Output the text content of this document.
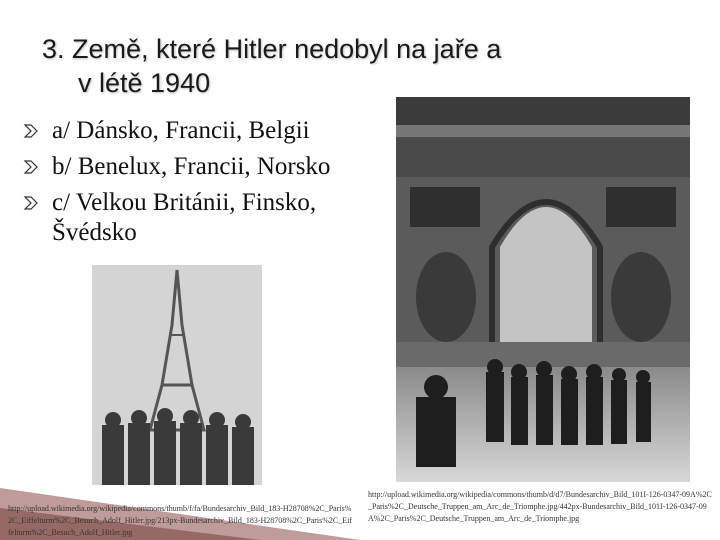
3. Země, které Hitler nedobyl na jaře a
v létě 1940
a/ Dánsko, Francii, Belgii
b/ Benelux, Francii, Norsko
c/ Velkou Británii, Finsko, Švédsko
http://upload.wikimedia.org/wikipedia/commons/thumb/f/fa/Bundesarchiv_Bild_183-H28708%2C_Paris%2C_Eiffelturm%2C_Besuch_Adolf_Hitler.jpg/213px-Bundesarchiv_Bild_183-H28708%2C_Paris%2C_Eiffelturm%2C_Besuch_Adolf_Hitler.jpg
http://upload.wikimedia.org/wikipedia/commons/thumb/d/d7/Bundesarchiv_Bild_101I-126-0347-09A%2C_Paris%2C_Deutsche_Truppen_am_Arc_de_Triomphe.jpg/442px-Bundesarchiv_Bild_101I-126-0347-09A%2C_Paris%2C_Deutsche_Truppen_am_Arc_de_Triomphe.jpg
